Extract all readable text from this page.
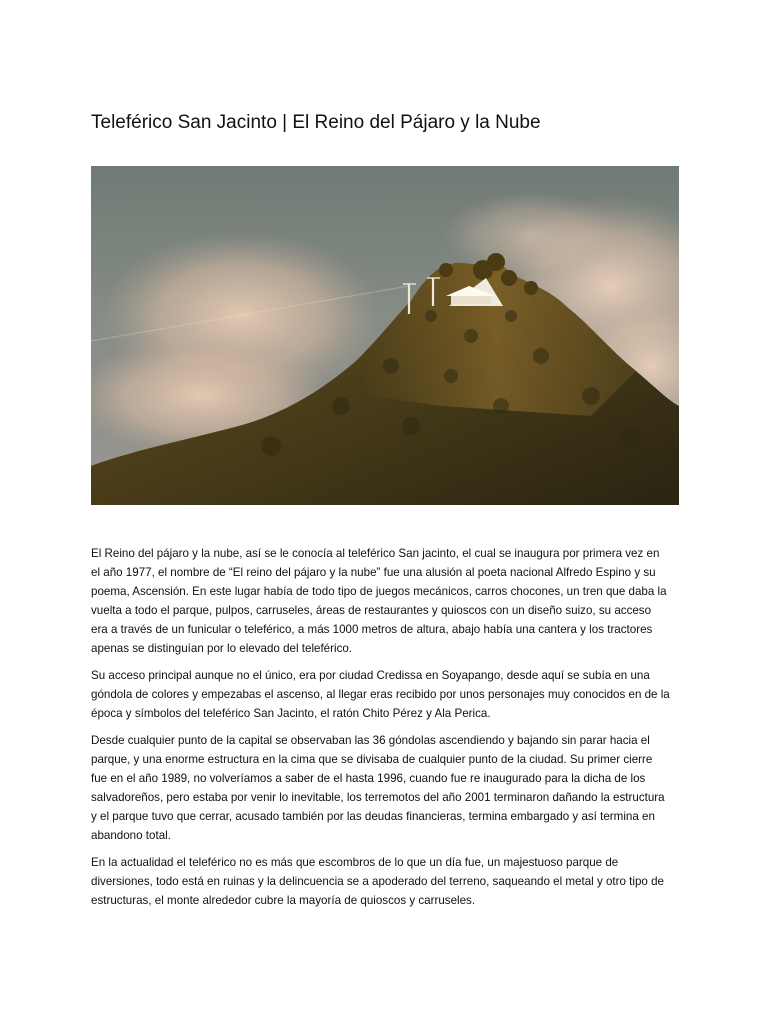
Teleférico San Jacinto | El Reino del Pájaro y la Nube

El Reino del pájaro y la nube, así se le conocía al teleférico San jacinto, el cual se inaugura por primera vez en el año 1977, el nombre de “El reino del pájaro y la nube” fue una alusión al poeta nacional Alfredo Espino y su poema, Ascensión. En este lugar había de todo tipo de juegos mecánicos, carros chocones, un tren que daba la vuelta a todo el parque, pulpos, carruseles, áreas de restaurantes y quioscos con un diseño suizo, su acceso era a través de un funicular o teleférico, a más 1000 metros de altura, abajo había una cantera y los tractores apenas se distinguían por lo elevado del teleférico.

Su acceso principal aunque no el único, era por ciudad Credissa en Soyapango, desde aquí se subía en una góndola de colores y empezabas el ascenso, al llegar eras recibido por unos personajes muy conocidos en de la época y símbolos del teleférico San Jacinto, el ratón Chito Pérez y Ala Perica.

Desde cualquier punto de la capital se observaban las 36 góndolas ascendiendo y bajando sin parar hacia el parque, y una enorme estructura en la cima que se divisaba de cualquier punto de la ciudad. Su primer cierre fue en el año 1989, no volveríamos a saber de el hasta 1996, cuando fue re inaugurado para la dicha de los salvadoreños, pero estaba por venir lo inevitable, los terremotos del año 2001 terminaron dañando la estructura y el parque tuvo que cerrar, acusado también por las deudas financieras, termina embargado y así termina en abandono total.

En la actualidad el teleférico no es más que escombros de lo que un día fue, un majestuoso parque de diversiones, todo está en ruinas y la delincuencia se a apoderado del terreno, saqueando el metal y otro tipo de estructuras, el monte alrededor cubre la mayoría de quioscos y carruseles.
